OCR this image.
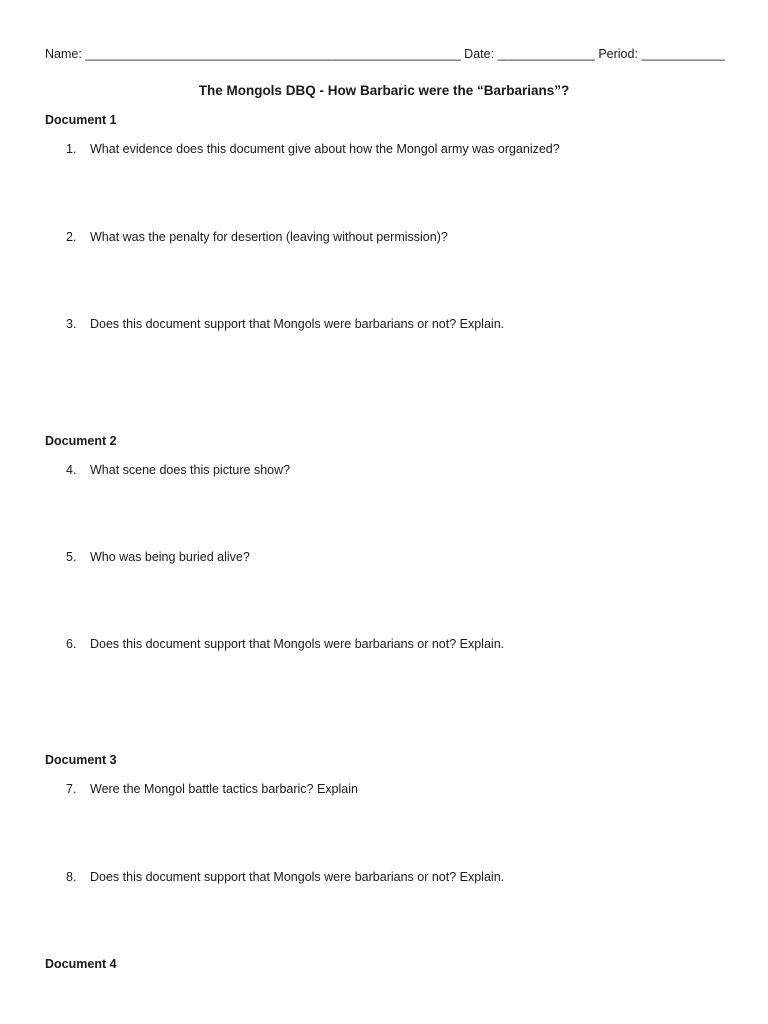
Name: ______________________________________________________ Date: ______________ Period: ____________
The Mongols DBQ - How Barbaric were the “Barbarians”?
Document 1
1.	What evidence does this document give about how the Mongol army was organized?
2.	What was the penalty for desertion (leaving without permission)?
3.	Does this document support that Mongols were barbarians or not? Explain.
Document 2
4.	What scene does this picture show?
5.	Who was being buried alive?
6.	Does this document support that Mongols were barbarians or not? Explain.
Document 3
7.	Were the Mongol battle tactics barbaric? Explain
8.	Does this document support that Mongols were barbarians or not? Explain.
Document 4
